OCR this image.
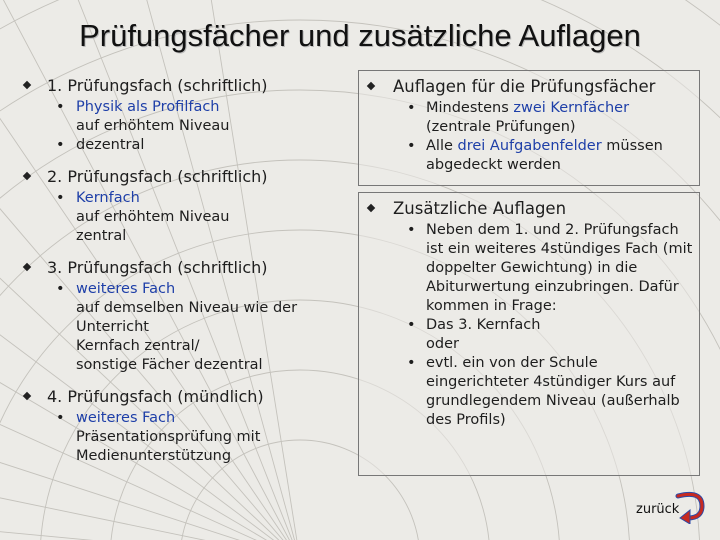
Prüfungsfächer und zusätzliche Auflagen
1. Prüfungsfach (schriftlich)
• Physik als Profilfach
auf erhöhtem Niveau
• dezentral
2. Prüfungsfach (schriftlich)
• Kernfach
auf erhöhtem Niveau
zentral
3. Prüfungsfach (schriftlich)
• weiteres Fach
auf demselben Niveau wie der Unterricht
Kernfach zentral/
sonstige Fächer dezentral
4. Prüfungsfach (mündlich)
• weiteres Fach
Präsentationsprüfung mit Medienunterstützung
Auflagen für die Prüfungsfächer
• Mindestens zwei Kernfächer
(zentrale Prüfungen)
• Alle drei Aufgabenfelder müssen abgedeckt werden
Zusätzliche Auflagen
• Neben dem 1. und 2. Prüfungsfach ist ein weiteres 4stündiges Fach (mit doppelter Gewichtung) in die Abiturwertung einzubringen. Dafür kommen in Frage:
• Das 3. Kernfach
oder
• evtl. ein von der Schule eingerichteter 4stündiger Kurs auf grundlegendem Niveau (außerhalb des Profils)
zurück
